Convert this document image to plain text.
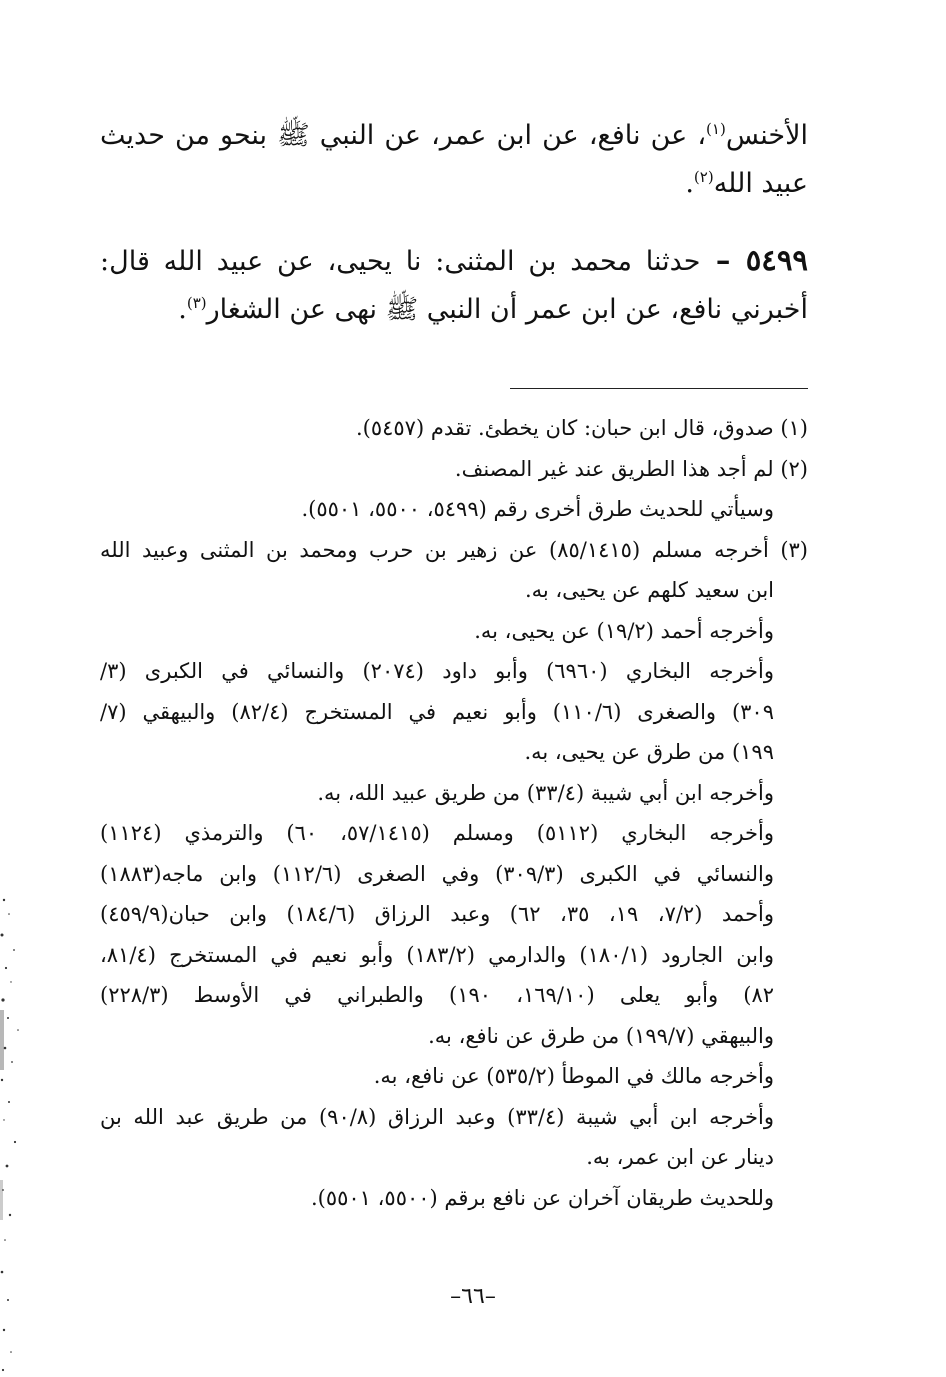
الأخنس$^{(١)}$، عن نافع، عن ابن عمر، عن النبي ﷺ بنحو من حديث عبيد الله$^{(٢)}$.

٥٤٩٩ – حدثنا محمد بن المثنى: نا يحيى، عن عبيد الله قال: أخبرني نافع، عن ابن عمر أن النبي ﷺ نهى عن الشغار$^{(٣)}$.

(١) صدوق، قال ابن حبان: كان يخطئ. تقدم (٥٤٥٧).
(٢) لم أجد هذا الطريق عند غير المصنف.
وسيأتي للحديث طرق أخرى رقم (٥٤٩٩، ٥٥٠٠، ٥٥٠١).
(٣) أخرجه مسلم (٨٥/١٤١٥) عن زهير بن حرب ومحمد بن المثنى وعبيد الله
ابن سعيد كلهم عن يحيى، به.
وأخرجه أحمد (١٩/٢) عن يحيى، به.
وأخرجه البخاري (٦٩٦٠) وأبو داود (٢٠٧٤) والنسائي في الكبرى (٣/
٣٠٩) والصغرى (١١٠/٦) وأبو نعيم في المستخرج (٨٢/٤) والبيهقي (٧/
١٩٩) من طرق عن يحيى، به.
وأخرجه ابن أبي شيبة (٣٣/٤) من طريق عبيد الله، به.
وأخرجه البخاري (٥١١٢) ومسلم (٥٧/١٤١٥، ٦٠) والترمذي (١١٢٤)
والنسائي في الكبرى (٣٠٩/٣) وفي الصغرى (١١٢/٦) وابن ماجه(١٨٨٣)
وأحمد (٧/٢، ١٩، ٣٥، ٦٢) وعبد الرزاق (١٨٤/٦) وابن حبان(٤٥٩/٩)
وابن الجارود (١٨٠/١) والدارمي (١٨٣/٢) وأبو نعيم في المستخرج (٨١/٤،
٨٢) وأبو يعلى (١٦٩/١٠، ١٩٠) والطبراني في الأوسط (٢٢٨/٣)
والبيهقي (١٩٩/٧) من طرق عن نافع، به.
وأخرجه مالك في الموطأ (٥٣٥/٢) عن نافع، به.
وأخرجه ابن أبي شيبة (٣٣/٤) وعبد الرزاق (٩٠/٨) من طريق عبد الله بن
دينار عن ابن عمر، به.
وللحديث طريقان آخران عن نافع برقم (٥٥٠٠، ٥٥٠١).
–٦٦–
